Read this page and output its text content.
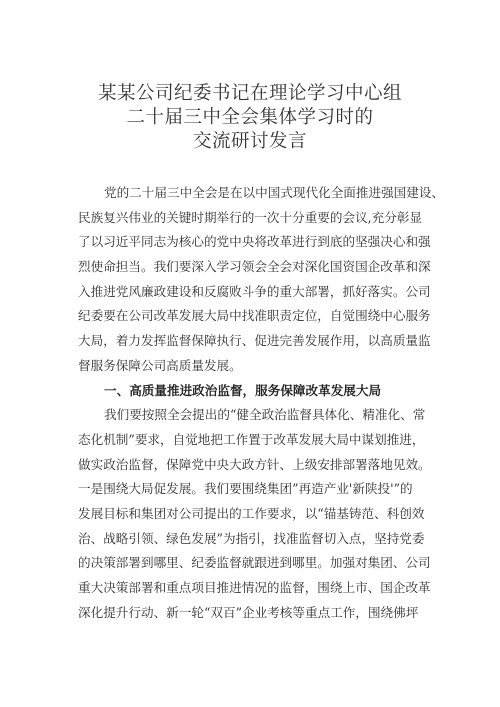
某某公司纪委书记在理论学习中心组
二十届三中全会集体学习时的
交流研讨发言
党的二十届三中全会是在以中国式现代化全面推进强国建设、
民族复兴伟业的关键时期举行的一次十分重要的会议,充分彰显
了以习近平同志为核心的党中央将改革进行到底的坚强决心和强
烈使命担当。我们要深入学习领会全会对深化国资国企改革和深
入推进党风廉政建设和反腐败斗争的重大部署，抓好落实。公司
纪委要在公司改革发展大局中找准职责定位，自觉围绕中心服务
大局，着力发挥监督保障执行、促进完善发展作用，以高质量监
督服务保障公司高质量发展。
一、高质量推进政治监督，服务保障改革发展大局
我们要按照全会提出的“健全政治监督具体化、精准化、常
态化机制”要求，自觉地把工作置于改革发展大局中谋划推进，
做实政治监督，保障党中央大政方针、上级安排部署落地见效。
一是围绕大局促发展。我们要围绕集团”再造产业'新陕投'”的
发展目标和集团对公司提出的工作要求，以“锚基铸范、科创效
治、战略引领、绿色发展”为指引，找准监督切入点，坚持党委
的决策部署到哪里、纪委监督就跟进到哪里。加强对集团、公司
重大决策部署和重点项目推进情况的监督，围绕上市、国企改革
深化提升行动、新一轮“双百”企业考核等重点工作，围绕佛坪
